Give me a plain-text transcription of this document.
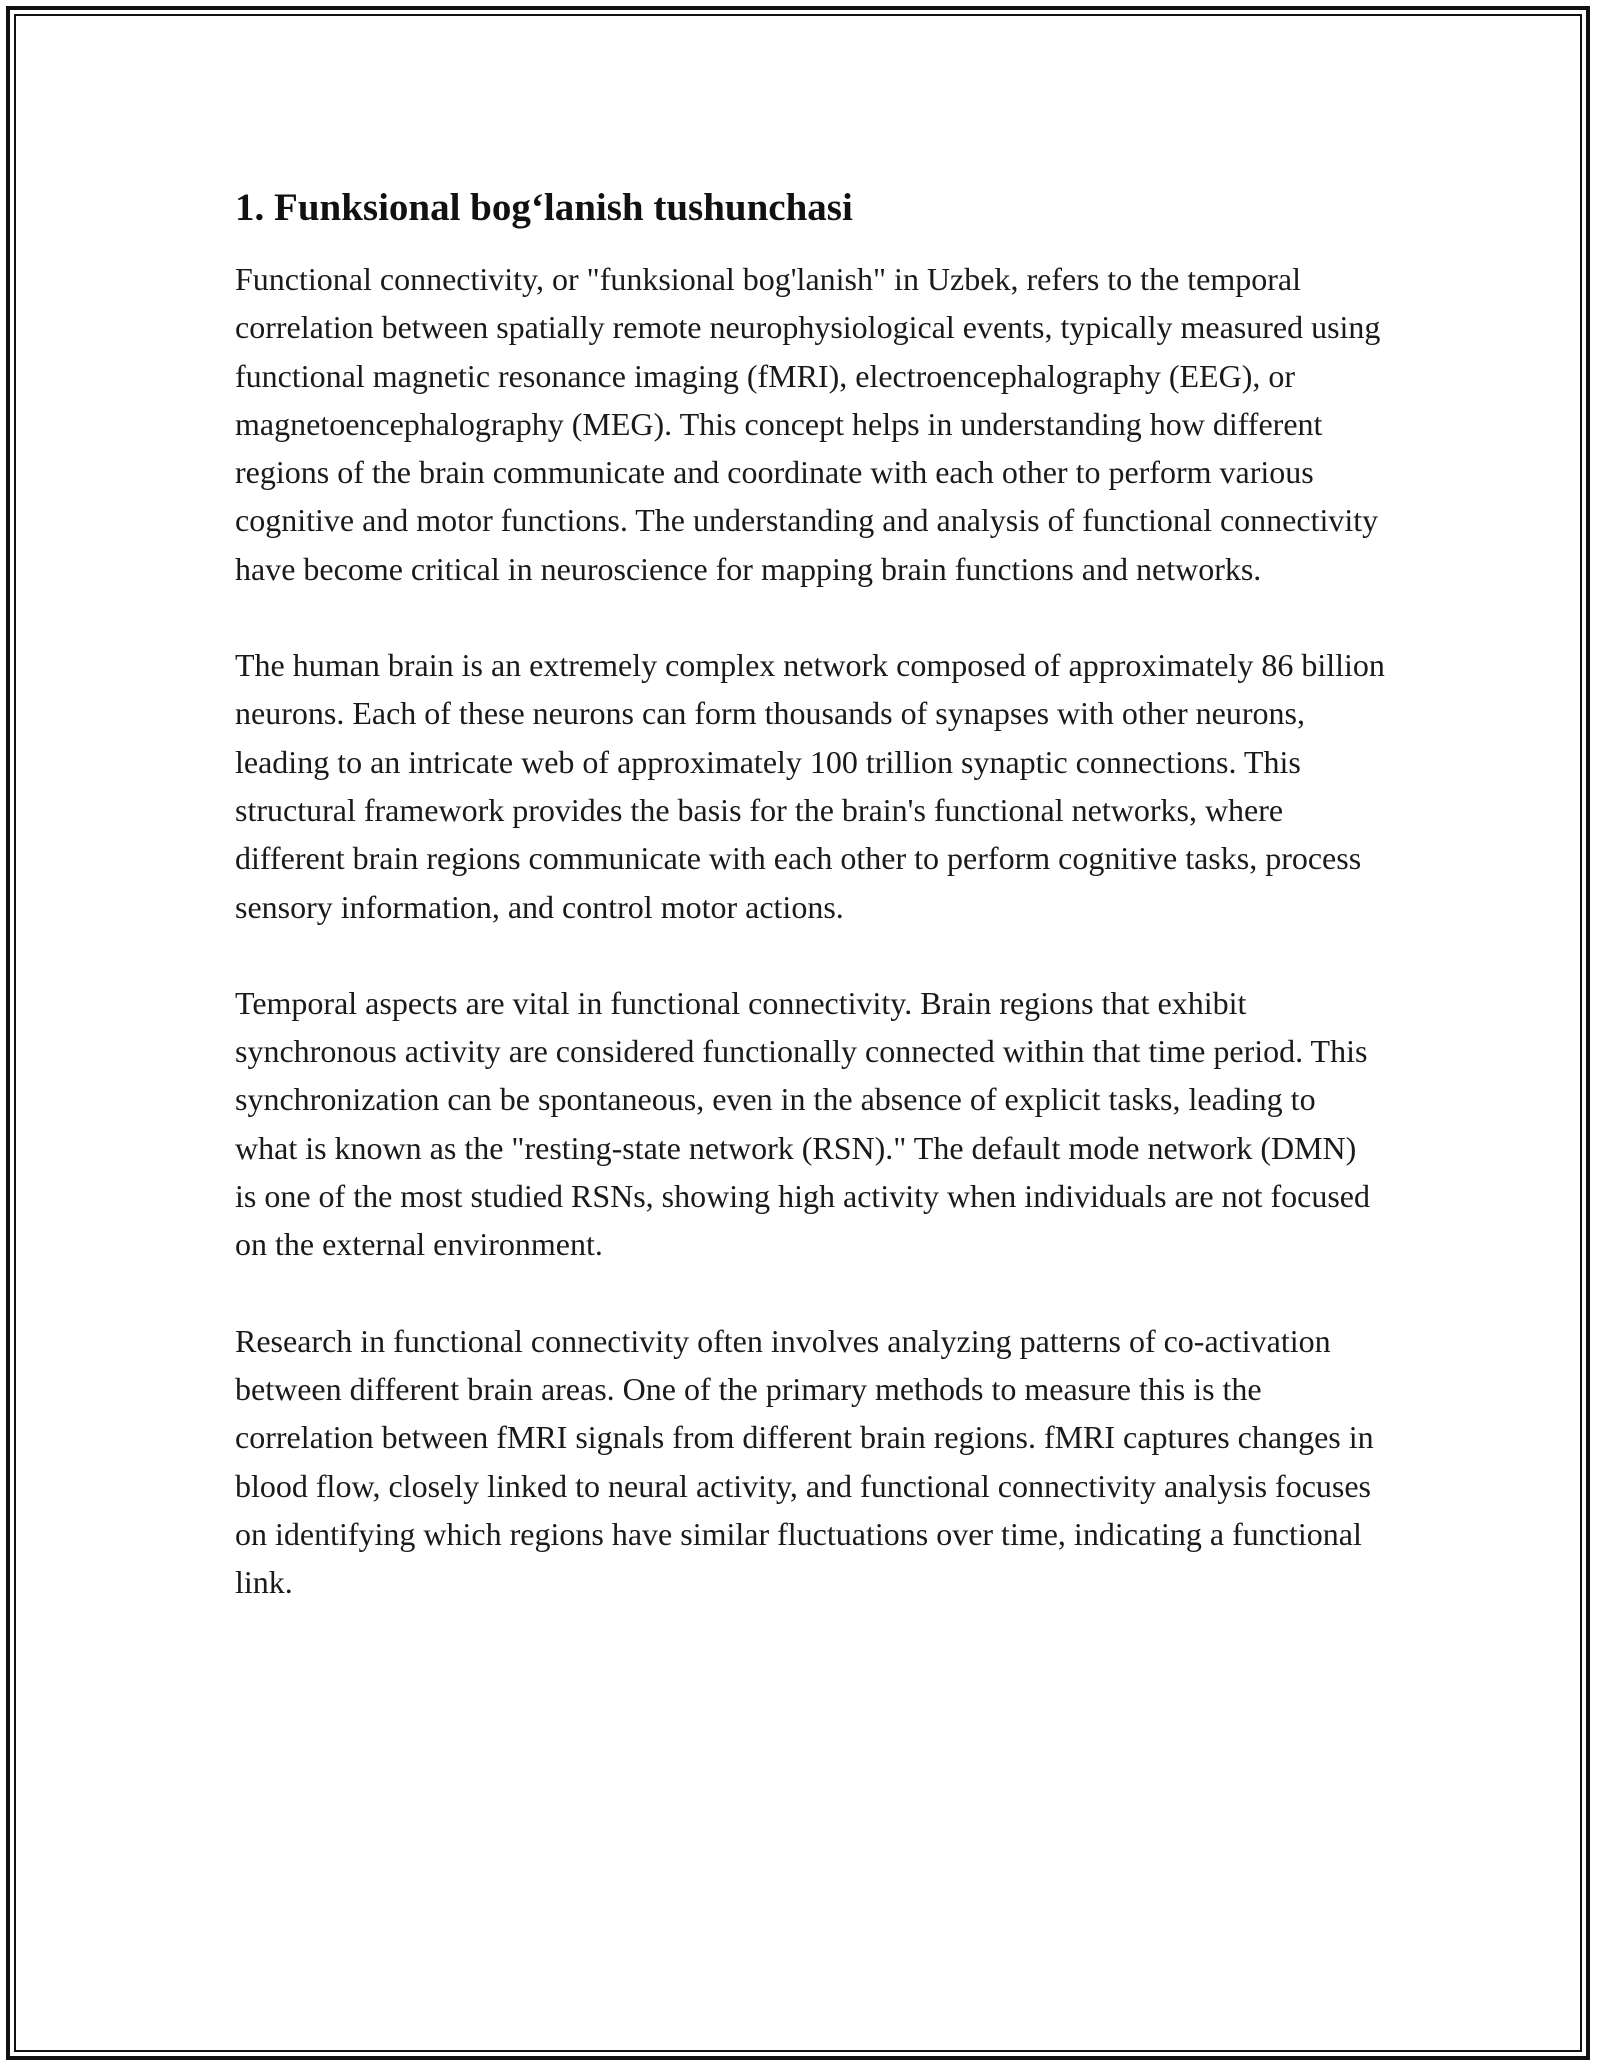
1. Funksional bog‘lanish tushunchasi

Functional connectivity, or "funksional bog'lanish" in Uzbek, refers to the temporal correlation between spatially remote neurophysiological events, typically measured using functional magnetic resonance imaging (fMRI), electroencephalography (EEG), or magnetoencephalography (MEG). This concept helps in understanding how different regions of the brain communicate and coordinate with each other to perform various cognitive and motor functions. The understanding and analysis of functional connectivity have become critical in neuroscience for mapping brain functions and networks.

The human brain is an extremely complex network composed of approximately 86 billion neurons. Each of these neurons can form thousands of synapses with other neurons, leading to an intricate web of approximately 100 trillion synaptic connections. This structural framework provides the basis for the brain's functional networks, where different brain regions communicate with each other to perform cognitive tasks, process sensory information, and control motor actions.

Temporal aspects are vital in functional connectivity. Brain regions that exhibit synchronous activity are considered functionally connected within that time period. This synchronization can be spontaneous, even in the absence of explicit tasks, leading to what is known as the "resting-state network (RSN)." The default mode network (DMN) is one of the most studied RSNs, showing high activity when individuals are not focused on the external environment.

Research in functional connectivity often involves analyzing patterns of co-activation between different brain areas. One of the primary methods to measure this is the correlation between fMRI signals from different brain regions. fMRI captures changes in blood flow, closely linked to neural activity, and functional connectivity analysis focuses on identifying which regions have similar fluctuations over time, indicating a functional link.
